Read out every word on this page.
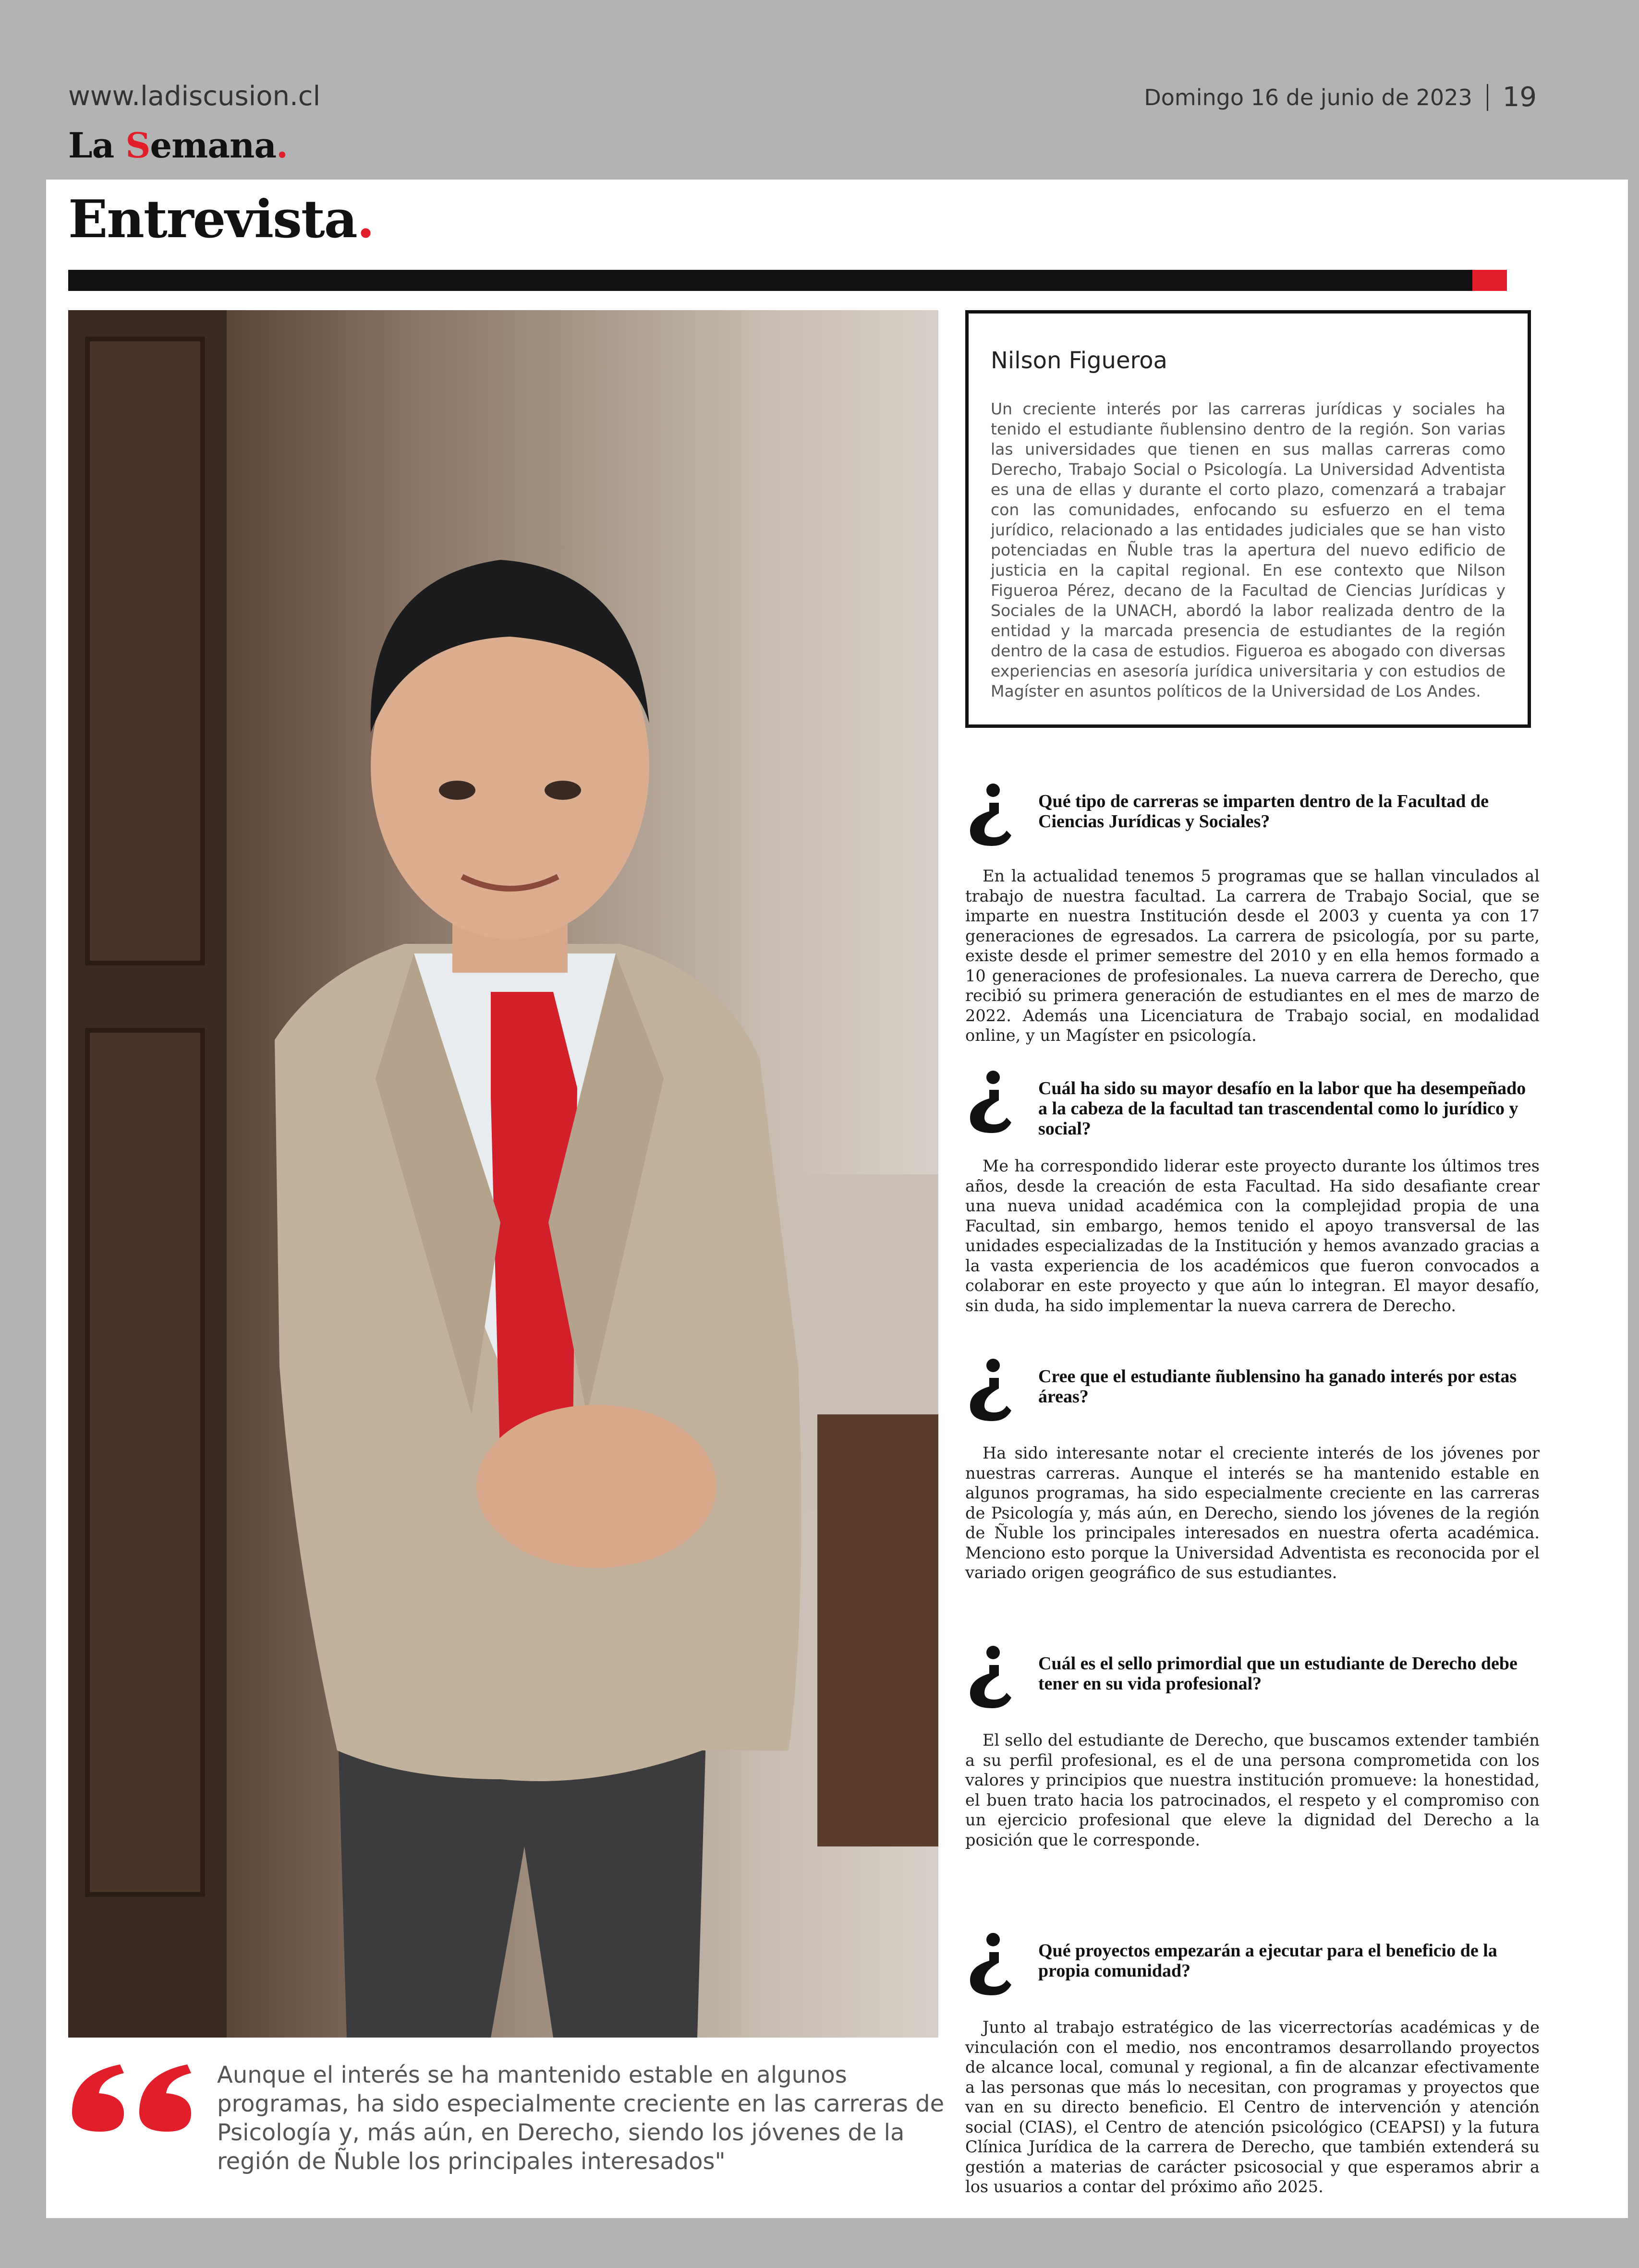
www.ladiscusion.cl	Domingo 16 de junio de 2023 19
La Semana.
Entrevista.
Aunque el interés se ha mantenido estable en algunos programas, ha sido especialmente creciente en las carreras de Psicología y, más aún, en Derecho, siendo los jóvenes de la región de Ñuble los principales interesados"
Nilson Figueroa
Un creciente interés por las carreras jurídicas y sociales ha tenido el estudiante ñublensino dentro de la región. Son varias las universidades que tienen en sus mallas carreras como Derecho, Trabajo Social o Psicología. La Universidad Adventista es una de ellas y durante el corto plazo, comenzará a trabajar con las comunidades, enfocando su esfuerzo en el tema jurídico, relacionado a las entidades judiciales que se han visto potenciadas en Ñuble tras la apertura del nuevo edificio de justicia en la capital regional. En ese contexto que Nilson Figueroa Pérez, decano de la Facultad de Ciencias Jurídicas y Sociales de la UNACH, abordó la labor realizada dentro de la entidad y la marcada presencia de estudiantes de la región dentro de la casa de estudios. Figueroa es abogado con diversas experiencias en asesoría jurídica universitaria y con estudios de Magíster en asuntos políticos de la Universidad de Los Andes.
Qué tipo de carreras se imparten dentro de la Facultad de Ciencias Jurídicas y Sociales?
En la actualidad tenemos 5 programas que se hallan vinculados al trabajo de nuestra facultad. La carrera de Trabajo Social, que se imparte en nuestra Institución desde el 2003 y cuenta ya con 17 generaciones de egresados. La carrera de psicología, por su parte, existe desde el primer semestre del 2010 y en ella hemos formado a 10 generaciones de profesionales. La nueva carrera de Derecho, que recibió su primera generación de estudiantes en el mes de marzo de 2022. Además una Licenciatura de Trabajo social, en modalidad online, y un Magíster en psicología.
Cuál ha sido su mayor desafío en la labor que ha desempeñado a la cabeza de la facultad tan trascendental como lo jurídico y social?
Me ha correspondido liderar este proyecto durante los últimos tres años, desde la creación de esta Facultad. Ha sido desafiante crear una nueva unidad académica con la complejidad propia de una Facultad, sin embargo, hemos tenido el apoyo transversal de las unidades especializadas de la Institución y hemos avanzado gracias a la vasta experiencia de los académicos que fueron convocados a colaborar en este proyecto y que aún lo integran. El mayor desafío, sin duda, ha sido implementar la nueva carrera de Derecho.
Cree que el estudiante ñublensino ha ganado interés por estas áreas?
Ha sido interesante notar el creciente interés de los jóvenes por nuestras carreras. Aunque el interés se ha mantenido estable en algunos programas, ha sido especialmente creciente en las carreras de Psicología y, más aún, en Derecho, siendo los jóvenes de la región de Ñuble los principales interesados en nuestra oferta académica. Menciono esto porque la Universidad Adventista es reconocida por el variado origen geográfico de sus estudiantes.
Cuál es el sello primordial que un estudiante de Derecho debe tener en su vida profesional?
El sello del estudiante de Derecho, que buscamos extender también a su perfil profesional, es el de una persona comprometida con los valores y principios que nuestra institución promueve: la honestidad, el buen trato hacia los patrocinados, el respeto y el compromiso con un ejercicio profesional que eleve la dignidad del Derecho a la posición que le corresponde.
Qué proyectos empezarán a ejecutar para el beneficio de la propia comunidad?
Junto al trabajo estratégico de las vicerrectorías académicas y de vinculación con el medio, nos encontramos desarrollando proyectos de alcance local, comunal y regional, a fin de alcanzar efectivamente a las personas que más lo necesitan, con programas y proyectos que van en su directo beneficio. El Centro de intervención y atención social (CIAS), el Centro de atención psicológico (CEAPSI) y la futura Clínica Jurídica de la carrera de Derecho, que también extenderá su gestión a materias de carácter psicosocial y que esperamos abrir a los usuarios a contar del próximo año 2025.
